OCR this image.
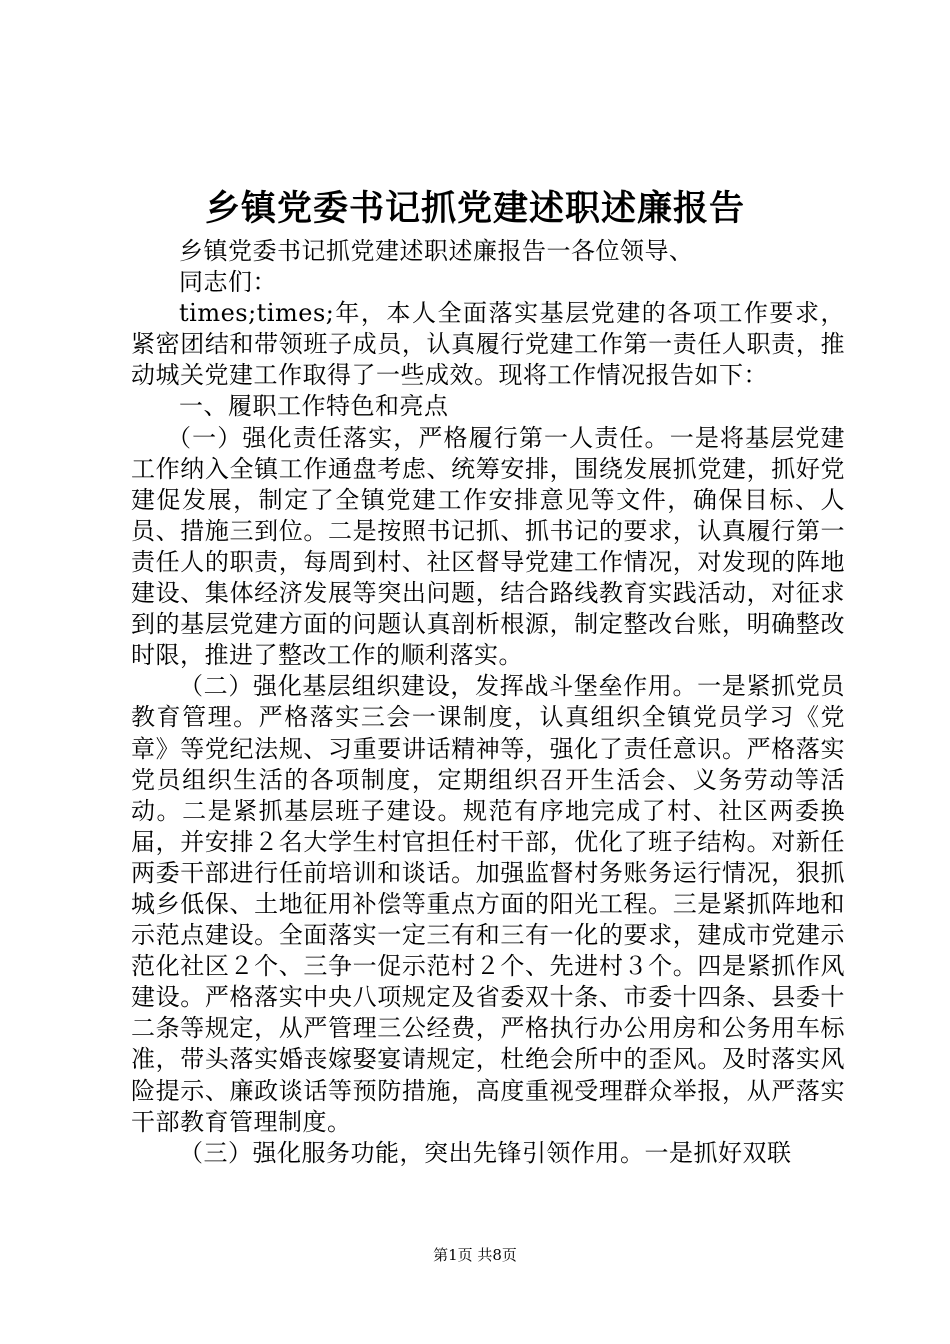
乡镇党委书记抓党建述职述廉报告

乡镇党委书记抓党建述职述廉报告一各位领导、

同志们：

times;times;年，本人全面落实基层党建的各项工作要求，紧密团结和带领班子成员，认真履行党建工作第一责任人职责，推动城关党建工作取得了一些成效。现将工作情况报告如下：

一、履职工作特色和亮点

（一）强化责任落实，严格履行第一人责任。一是将基层党建工作纳入全镇工作通盘考虑、统筹安排，围绕发展抓党建，抓好党建促发展，制定了全镇党建工作安排意见等文件，确保目标、人员、措施三到位。二是按照书记抓、抓书记的要求，认真履行第一责任人的职责，每周到村、社区督导党建工作情况，对发现的阵地建设、集体经济发展等突出问题，结合路线教育实践活动，对征求到的基层党建方面的问题认真剖析根源，制定整改台账，明确整改时限，推进了整改工作的顺利落实。

（二）强化基层组织建设，发挥战斗堡垒作用。一是紧抓党员教育管理。严格落实三会一课制度，认真组织全镇党员学习《党章》等党纪法规、习重要讲话精神等，强化了责任意识。严格落实党员组织生活的各项制度，定期组织召开生活会、义务劳动等活动。二是紧抓基层班子建设。规范有序地完成了村、社区两委换届，并安排２名大学生村官担任村干部，优化了班子结构。对新任两委干部进行任前培训和谈话。加强监督村务账务运行情况，狠抓城乡低保、土地征用补偿等重点方面的阳光工程。三是紧抓阵地和示范点建设。全面落实一定三有和三有一化的要求，建成市党建示范化社区２个、三争一促示范村２个、先进村３个。四是紧抓作风建设。严格落实中央八项规定及省委双十条、市委十四条、县委十二条等规定，从严管理三公经费，严格执行办公用房和公务用车标准，带头落实婚丧嫁娶宴请规定，杜绝会所中的歪风。及时落实风险提示、廉政谈话等预防措施，高度重视受理群众举报，从严落实干部教育管理制度。

（三）强化服务功能，突出先锋引领作用。一是抓好双联

第1页 共8页
